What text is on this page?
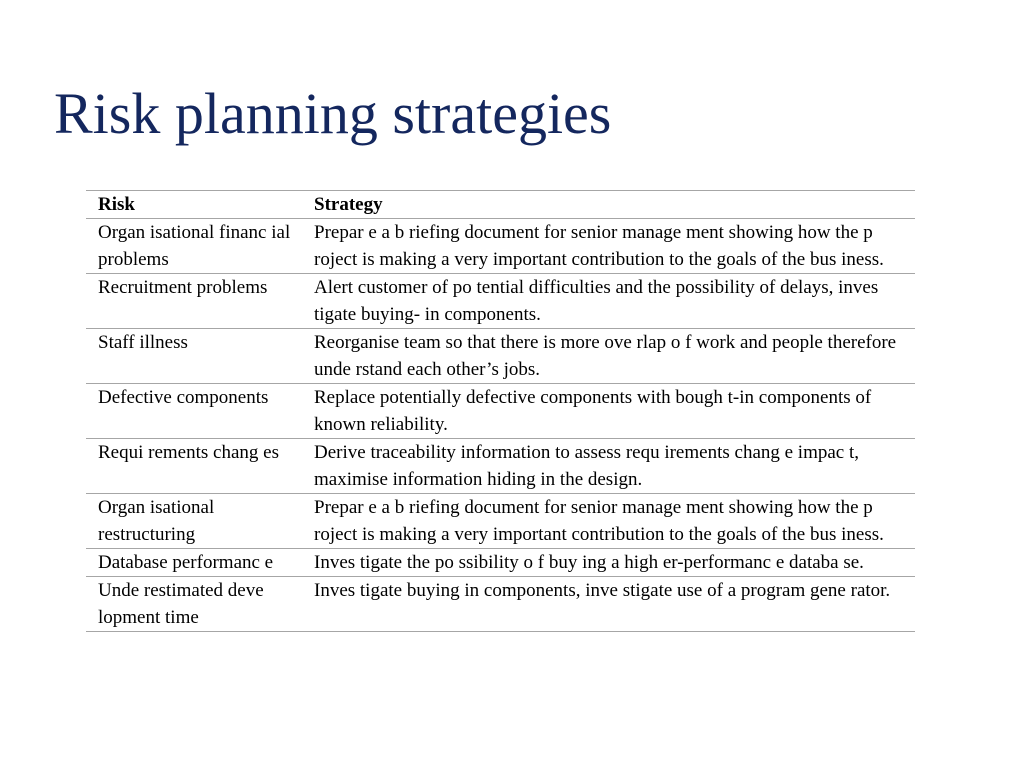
Risk planning strategies
Risk	Strategy
Organ isational financ ial problems	Prepar e a b riefing document for senior manage ment showing how the p roject is making a very important contribution to the goals of the bus iness.
Recruitment problems	Alert customer of po tential difficulties and the possibility of delays, inves tigate buying- in components.
Staff illness	Reorganise team so that there is more ove rlap o f work and people therefore unde rstand each other’s jobs.
Defective components	Replace potentially defective components with bough t-in components of known reliability.
Requi rements chang es	Derive traceability information to assess requ irements chang e impac t, maximise information hiding in the design.
Organ isational restructuring	Prepar e a b riefing document for senior manage ment showing how the p roject is making a very important contribution to the goals of the bus iness.
Database performanc e	Inves tigate the po ssibility o f buy ing a high er-performanc e databa se.
Unde restimated deve lopment time	Inves tigate buying in components, inve stigate use of a program gene rator.
